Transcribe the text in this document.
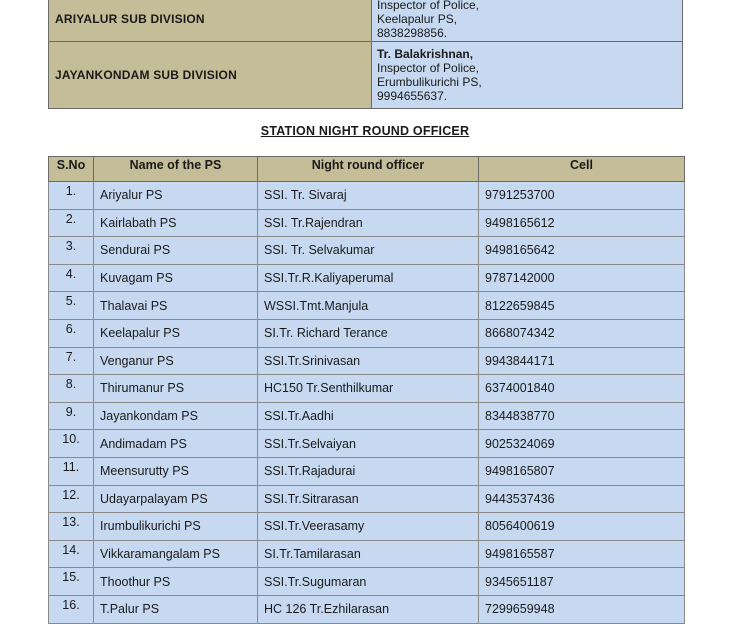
ARIYALUR SUB DIVISION	Inspector of Police,
Keelapalur PS,
8838298856.

JAYANKONDAM SUB DIVISION	Tr. Balakrishnan,
Inspector of Police,
Erumbulikurichi PS,
9994655637.
STATION NIGHT ROUND OFFICER
S.No	Name of the PS	Night round officer	Cell
1.	Ariyalur PS	SSI. Tr. Sivaraj	9791253700
2.	Kairlabath PS	SSI. Tr.Rajendran	9498165612
3.	Sendurai PS	SSI. Tr. Selvakumar	9498165642
4.	Kuvagam PS	SSI.Tr.R.Kaliyaperumal	9787142000
5.	Thalavai PS	WSSI.Tmt.Manjula	8122659845
6.	Keelapalur PS	SI.Tr. Richard Terance	8668074342
7.	Venganur PS	SSI.Tr.Srinivasan	9943844171
8.	Thirumanur PS	HC150 Tr.Senthilkumar	6374001840
9.	Jayankondam PS	SSI.Tr.Aadhi	8344838770
10.	Andimadam PS	SSI.Tr.Selvaiyan	9025324069
11.	Meensurutty PS	SSI.Tr.Rajadurai	9498165807
12.	Udayarpalayam PS	SSI.Tr.Sitrarasan	9443537436
13.	Irumbulikurichi PS	SSI.Tr.Veerasamy	8056400619
14.	Vikkaramangalam PS	SI.Tr.Tamilarasan	9498165587
15.	Thoothur PS	SSI.Tr.Sugumaran	9345651187
16.	T.Palur PS	HC 126 Tr.Ezhilarasan	7299659948
